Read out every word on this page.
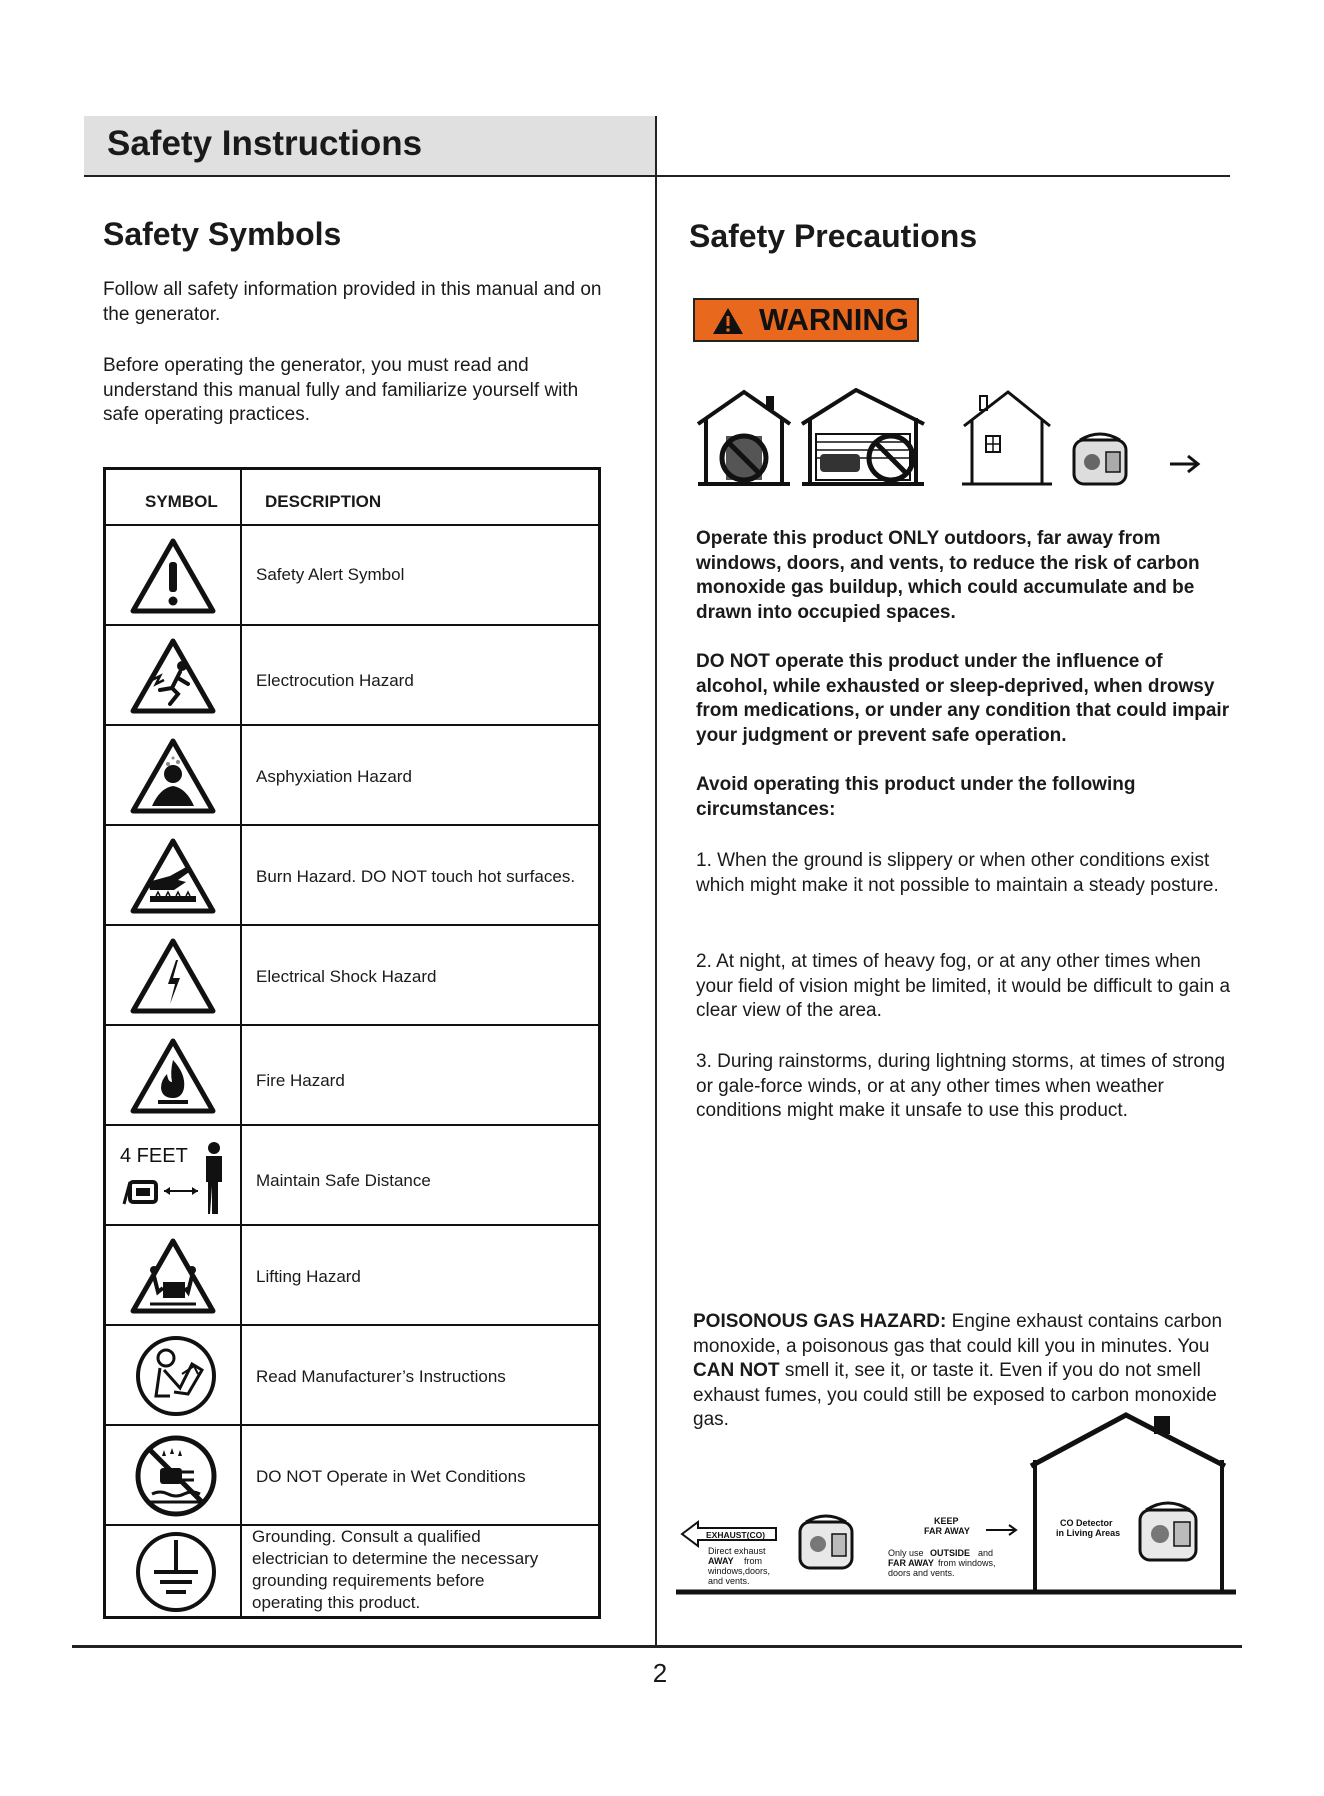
Safety Instructions
Safety Symbols

Follow all safety information provided in this manual and on the generator.

Before operating the generator, you must read and understand this manual fully and familiarize yourself with safe operating practices.

SYMBOL	DESCRIPTION
Safety Alert Symbol
Electrocution Hazard
Asphyxiation Hazard
Burn Hazard. DO NOT touch hot surfaces.
Electrical Shock Hazard
Fire Hazard
4 FEET
Maintain Safe Distance
Lifting Hazard
Read Manufacturer’s Instructions
DO NOT Operate in Wet Conditions
Grounding. Consult a qualified electrician to determine the necessary grounding requirements before operating this product.
Safety Precautions
WARNING

Operate this product ONLY outdoors, far away from windows, doors, and vents, to reduce the risk of carbon monoxide gas buildup, which could accumulate and be drawn into occupied spaces.

DO NOT operate this product under the influence of alcohol, while exhausted or sleep-deprived, when drowsy from medications, or under any condition that could impair your judgment or prevent safe operation.

Avoid operating this product under the following circumstances:

1. When the ground is slippery or when other conditions exist which might make it not possible to maintain a steady posture.

2. At night, at times of heavy fog, or at any other times when your field of vision might be limited, it would be difficult to gain a clear view of the area.

3. During rainstorms, during lightning storms, at times of strong or gale-force winds, or at any other times when weather conditions might make it unsafe to use this product.

POISONOUS GAS HAZARD: Engine exhaust contains carbon monoxide, a poisonous gas that could kill you in minutes. You CAN NOT smell it, see it, or taste it. Even if you do not smell exhaust fumes, you could still be exposed to carbon monoxide gas.

EXHAUST(CO)
Direct exhaust
AWAY from
windows,doors,
and vents.
KEEP
FAR AWAY
Only use OUTSIDE and
FAR AWAY from windows,
doors and vents.
CO Detector
in Living Areas
2
